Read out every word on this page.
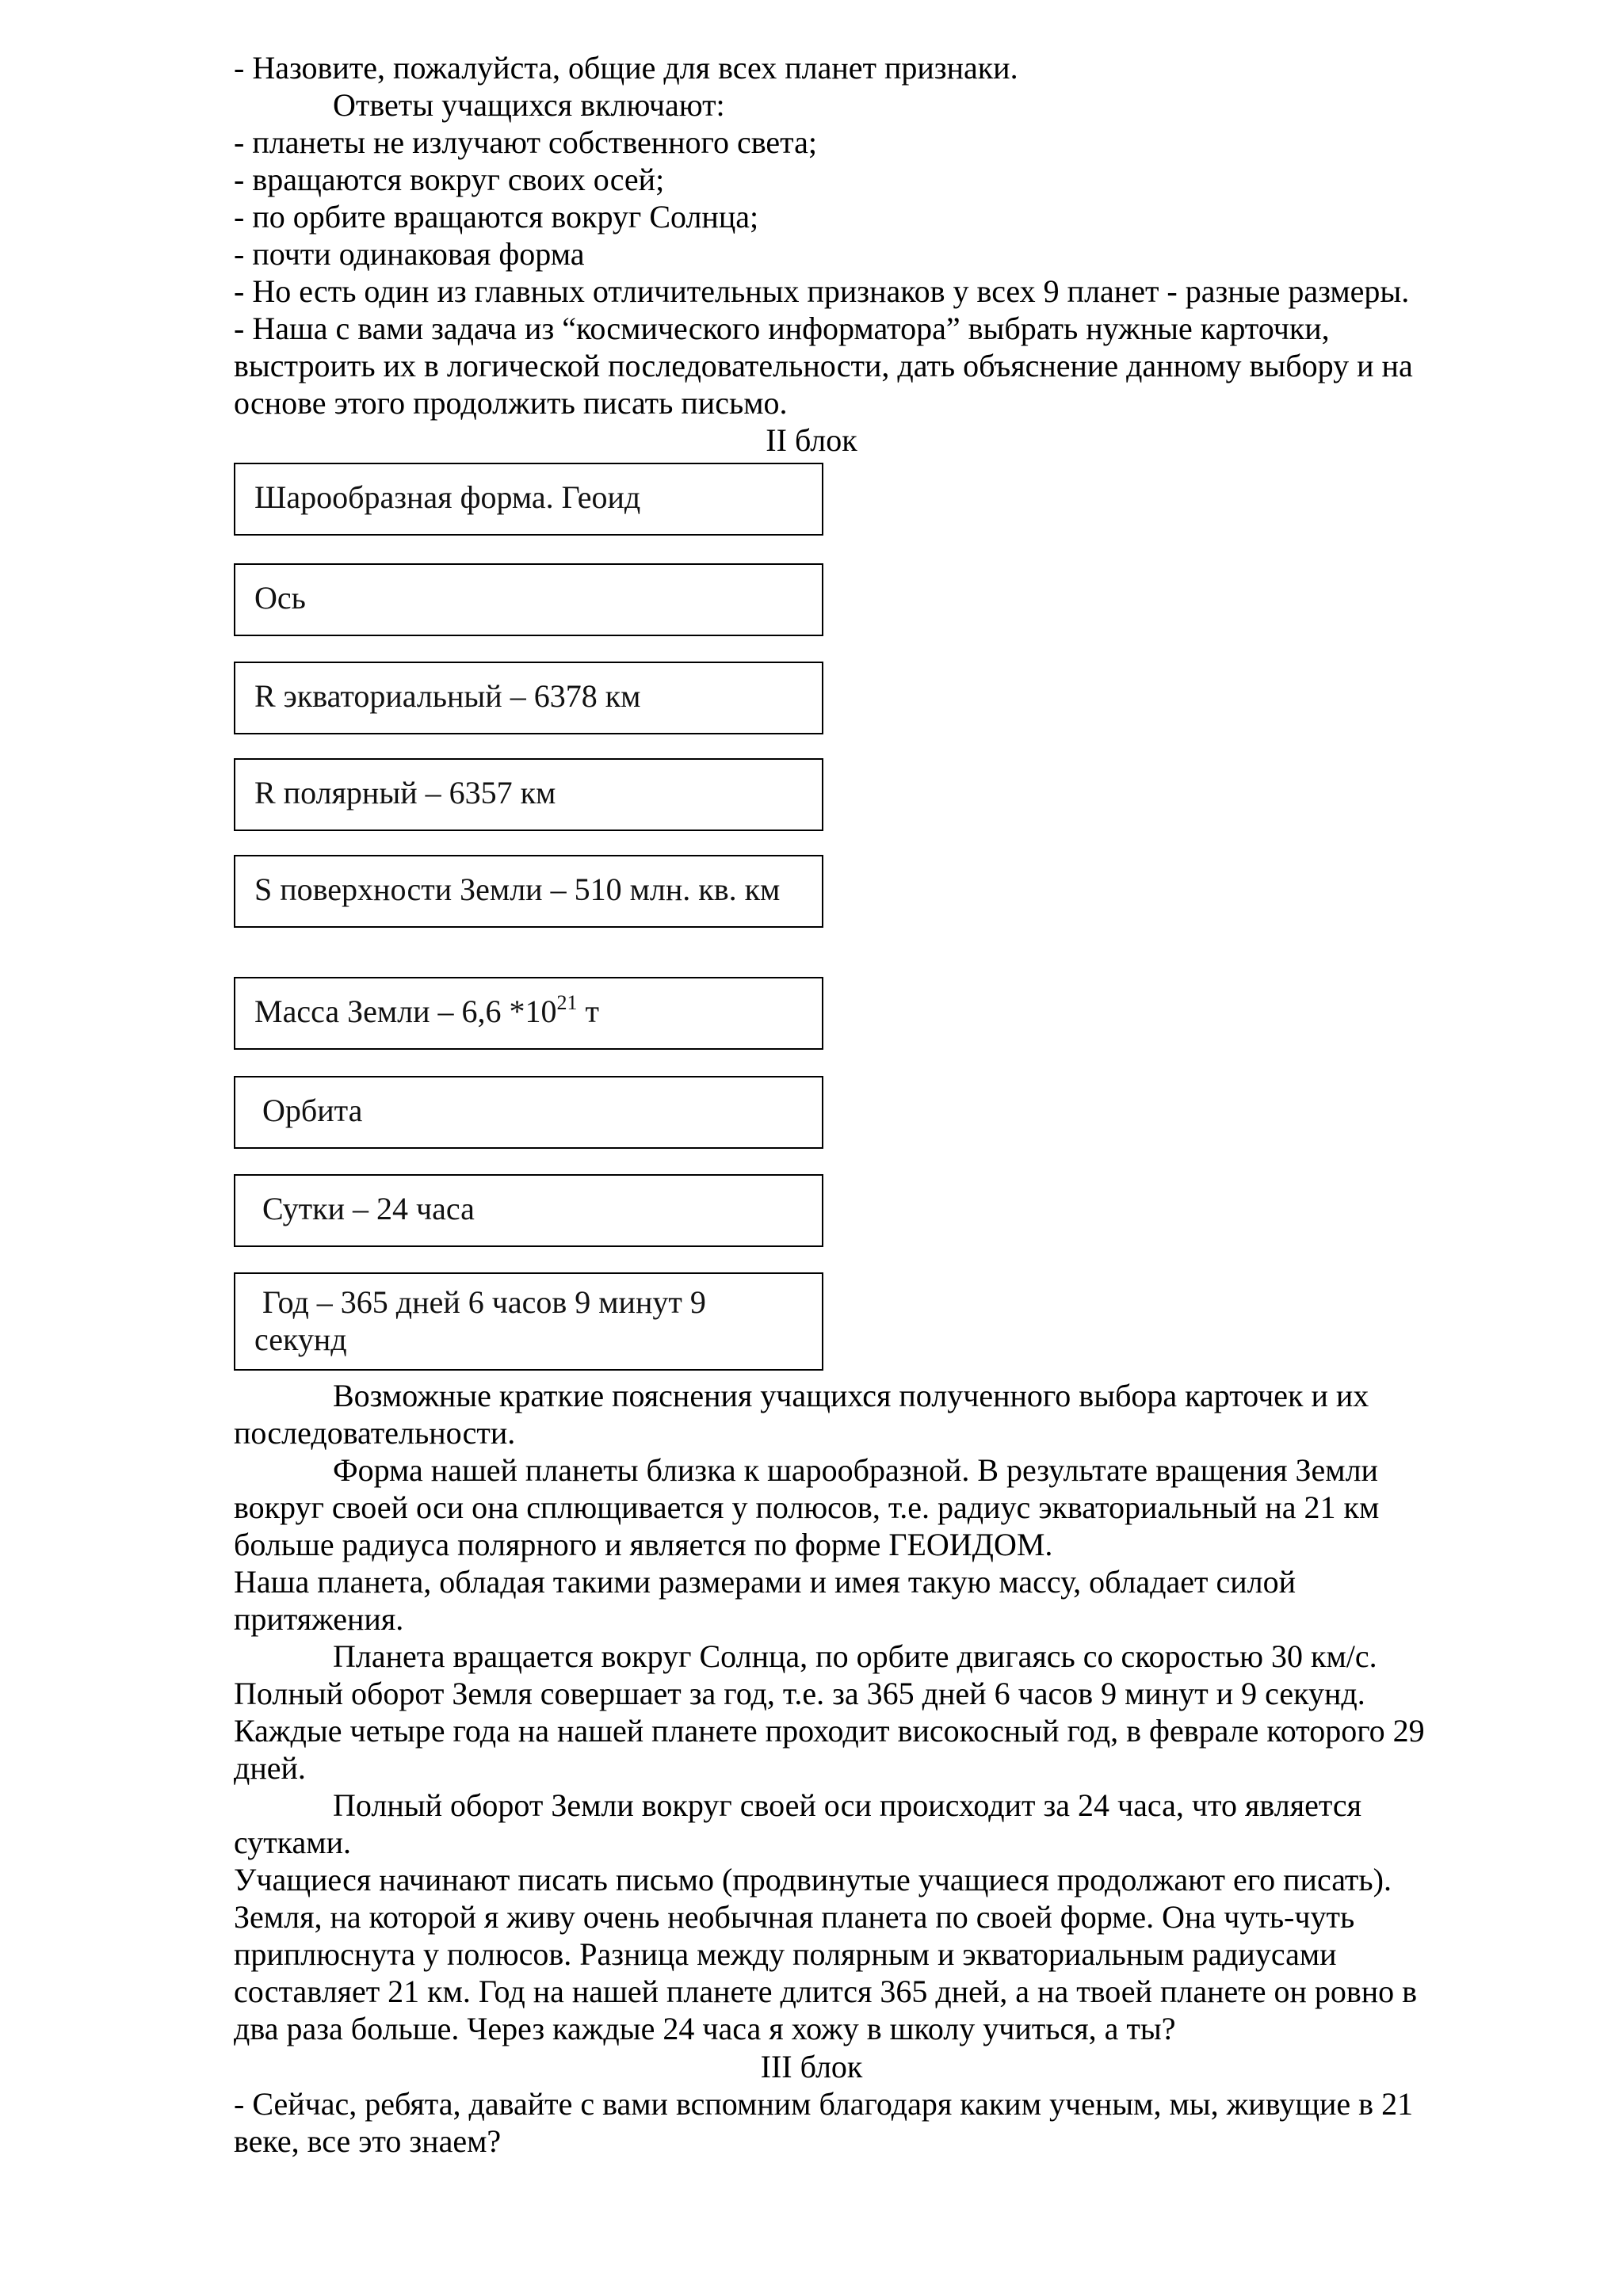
- Назовите, пожалуйста, общие для всех планет признаки.

Ответы учащихся включают:

- планеты не излучают собственного света;

- вращаются вокруг своих осей;

- по орбите вращаются вокруг Солнца;

- почти одинаковая форма

- Но есть один из главных отличительных признаков у всех 9 планет - разные размеры.

- Наша с вами задача из “космического информатора” выбрать нужные карточки,

выстроить их в логической последовательности, дать объяснение данному выбору и на

основе этого продолжить писать письмо.

II блок

Шарообразная форма. Геоид
Ось
R экваториальный – 6378 км
R полярный – 6357 км
S поверхности Земли – 510 млн. кв. км
Масса Земли – 6,6 $*10^{21}$ т
Орбита
Сутки – 24 часа
Год – 365 дней 6 часов 9 минут 9
секунд

Возможные краткие пояснения учащихся полученного выбора карточек и их

последовательности.

Форма нашей планеты близка к шарообразной. В результате вращения Земли

вокруг своей оси она сплющивается у полюсов, т.е. радиус экваториальный на 21 км

больше радиуса полярного и является по форме ГЕОИДОМ.

Наша планета, обладая такими размерами и имея такую массу, обладает силой

притяжения.

Планета вращается вокруг Солнца, по орбите двигаясь со скоростью 30 км/с.

Полный оборот Земля совершает за год, т.е. за 365 дней 6 часов 9 минут и 9 секунд.

Каждые четыре года на нашей планете проходит високосный год, в феврале которого 29

дней.

Полный оборот Земли вокруг своей оси происходит за 24 часа, что является

сутками.

Учащиеся начинают писать письмо (продвинутые учащиеся продолжают его писать).

Земля, на которой я живу очень необычная планета по своей форме. Она чуть-чуть

приплюснута у полюсов. Разница между полярным и экваториальным радиусами

составляет 21 км. Год на нашей планете длится 365 дней, а на твоей планете он ровно в

два раза больше. Через каждые 24 часа я хожу в школу учиться, а ты?

III блок

- Сейчас, ребята, давайте с вами вспомним благодаря каким ученым, мы, живущие в 21

веке, все это знаем?
